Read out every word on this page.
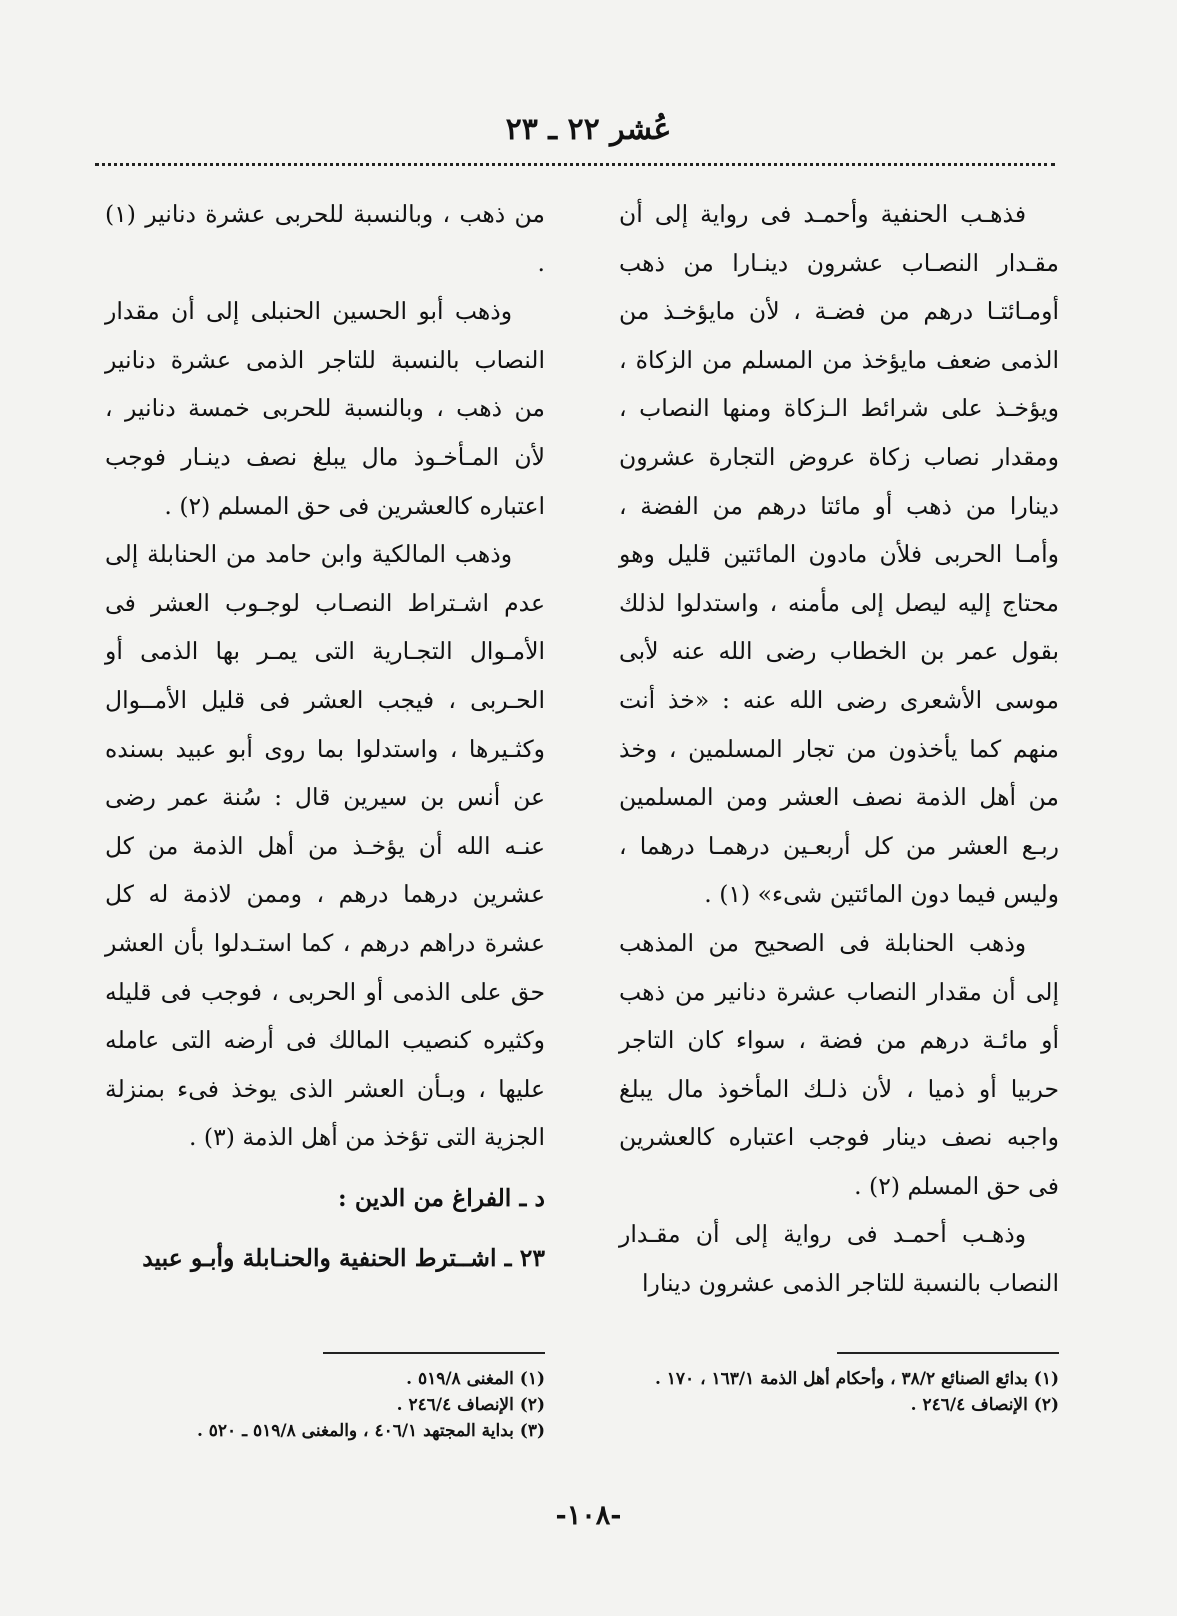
عُشر ٢٢ ـ ٢٣

فذهـب الحنفية وأحمـد فى رواية إلى أن مقـدار النصـاب عشرون دينـارا من ذهب أومـائتـا درهم من فضـة ، لأن مايؤخـذ من الذمى ضعف مايؤخذ من المسلم من الزكاة ، ويؤخـذ على شرائط الـزكاة ومنها النصاب ، ومقدار نصاب زكاة عروض التجارة عشرون دينارا من ذهب أو مائتا درهم من الفضة ، وأمـا الحربى فلأن مادون المائتين قليل وهو محتاج إليه ليصل إلى مأمنه ، واستدلوا لذلك بقول عمر بن الخطاب رضى الله عنه لأبى موسى الأشعرى رضى الله عنه : «خذ أنت منهم كما يأخذون من تجار المسلمين ، وخذ من أهل الذمة نصف العشر ومن المسلمين ربـع العشر من كل أربعـين درهمـا درهما ، وليس فيما دون المائتين شىء» (١) .

وذهب الحنابلة فى الصحيح من المذهب إلى أن مقدار النصاب عشرة دنانير من ذهب أو مائـة درهم من فضة ، سواء كان التاجر حربيا أو ذميا ، لأن ذلـك المأخوذ مال يبلغ واجبه نصف دينار فوجب اعتباره كالعشرين فى حق المسلم (٢) .

وذهـب أحمـد فى رواية إلى أن مقـدار النصاب بالنسبة للتاجر الذمى عشرون دينارا

من ذهب ، وبالنسبة للحربى عشرة دنانير (١) .

وذهب أبو الحسين الحنبلى إلى أن مقدار النصاب بالنسبة للتاجر الذمى عشرة دنانير من ذهب ، وبالنسبة للحربى خمسة دنانير ، لأن المـأخـوذ مال يبلغ نصف دينـار فوجب اعتباره كالعشرين فى حق المسلم (٢) .

وذهب المالكية وابن حامد من الحنابلة إلى عدم اشـتراط النصـاب لوجـوب العشر فى الأمـوال التجـارية التى يمـر بها الذمى أو الحـربى ، فيجب العشر فى قليل الأمــوال وكثـيرها ، واستدلوا بما روى أبو عبيد بسنده عن أنس بن سيرين قال : سُنة عمر رضى عنـه الله أن يؤخـذ من أهل الذمة من كل عشرين درهما درهم ، وممن لاذمة له كل عشرة دراهم درهم ، كما استـدلوا بأن العشر حق على الذمى أو الحربى ، فوجب فى قليله وكثيره كنصيب المالك فى أرضه التى عامله عليها ، وبـأن العشر الذى يوخذ فىء بمنزلة الجزية التى تؤخذ من أهل الذمة (٣) .

د ـ الفراغ من الدين :

٢٣ ـ اشــترط الحنفية والحنـابلة وأبـو عبيد

(١) بدائع الصنائع ٣٨/٢ ، وأحكام أهل الذمة ١٦٣/١ ، ١٧٠ .
(٢) الإنصاف ٢٤٦/٤ .
(١) المغنى ٥١٩/٨ .
(٢) الإنصاف ٢٤٦/٤ .
(٣) بداية المجتهد ٤٠٦/١ ، والمغنى ٥١٩/٨ ـ ٥٢٠ .
-١٠٨-
